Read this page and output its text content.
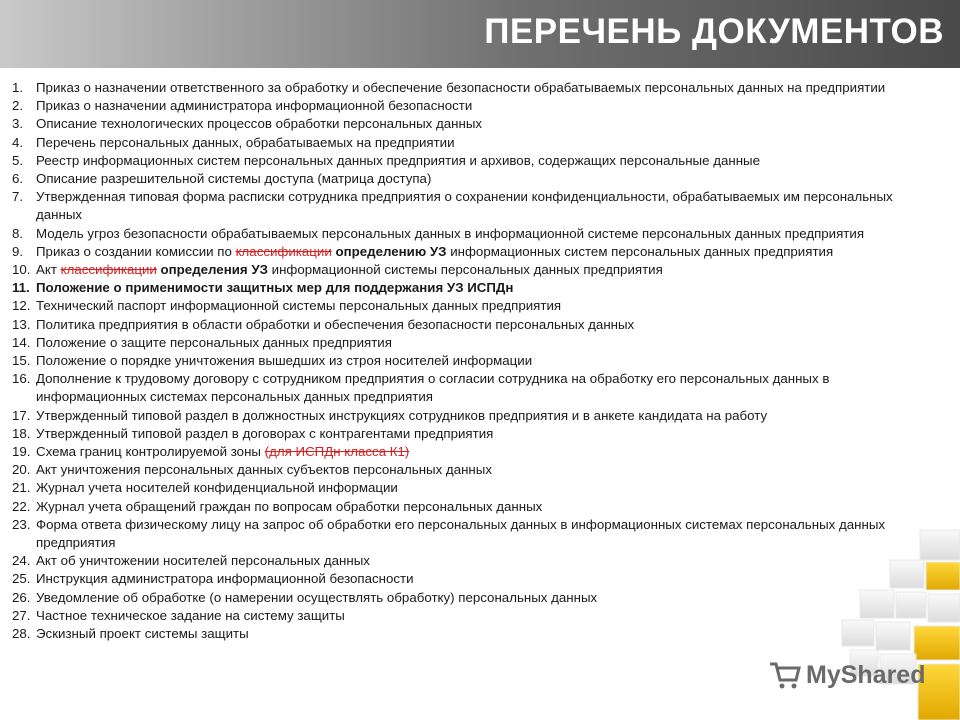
ПЕРЕЧЕНЬ ДОКУМЕНТОВ
1. Приказ о назначении ответственного за обработку и обеспечение безопасности обрабатываемых персональных данных на предприятии
2. Приказ о назначении администратора информационной безопасности
3. Описание технологических процессов обработки персональных данных
4. Перечень персональных данных, обрабатываемых на предприятии
5. Реестр информационных систем персональных данных предприятия и архивов, содержащих персональные данные
6. Описание разрешительной системы доступа (матрица доступа)
7. Утвержденная типовая форма расписки сотрудника предприятия о сохранении конфиденциальности, обрабатываемых им персональных данных
8. Модель угроз безопасности обрабатываемых персональных данных в информационной системе персональных данных предприятия
9. Приказ о создании комиссии по классификации определению УЗ информационных систем персональных данных предприятия
10. Акт классификации определения УЗ информационной системы персональных данных предприятия
11. Положение о применимости защитных мер для поддержания УЗ ИСПДн
12. Технический паспорт информационной системы персональных данных предприятия
13. Политика предприятия в области обработки и обеспечения безопасности персональных данных
14. Положение о защите персональных данных предприятия
15. Положение о порядке уничтожения вышедших из строя носителей информации
16. Дополнение к трудовому договору с сотрудником предприятия о согласии сотрудника на обработку его персональных данных в информационных системах персональных данных предприятия
17. Утвержденный типовой раздел в должностных инструкциях сотрудников предприятия и в анкете кандидата на работу
18. Утвержденный типовой раздел в договорах с контрагентами предприятия
19. Схема границ контролируемой зоны (для ИСПДн класса К1)
20. Акт уничтожения персональных данных субъектов персональных данных
21. Журнал учета носителей конфиденциальной информации
22. Журнал учета обращений граждан по вопросам обработки персональных данных
23. Форма ответа физическому лицу на запрос об обработки его персональных данных в информационных системах персональных данных предприятия
24. Акт об уничтожении носителей персональных данных
25. Инструкция администратора информационной безопасности
26. Уведомление об обработке (о намерении осуществлять обработку) персональных данных
27. Частное техническое задание на систему защиты
28. Эскизный проект системы защиты
MyShared
